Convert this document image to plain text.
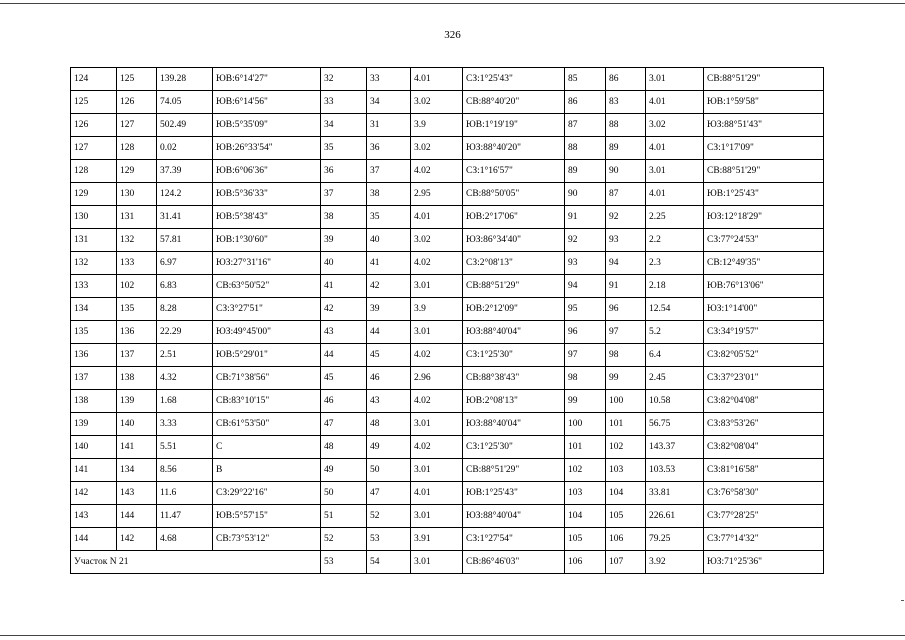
326
124	125	139.28	ЮВ:6°14'27"	32	33	4.01	СЗ:1°25'43"	85	86	3.01	СВ:88°51'29"
125	126	74.05	ЮВ:6°14'56"	33	34	3.02	СВ:88°40'20"	86	83	4.01	ЮВ:1°59'58"
126	127	502.49	ЮВ:5°35'09"	34	31	3.9	ЮВ:1°19'19"	87	88	3.02	ЮЗ:88°51'43"
127	128	0.02	ЮВ:26°33'54"	35	36	3.02	ЮЗ:88°40'20"	88	89	4.01	СЗ:1°17'09"
128	129	37.39	ЮВ:6°06'36"	36	37	4.02	СЗ:1°16'57"	89	90	3.01	СВ:88°51'29"
129	130	124.2	ЮВ:5°36'33"	37	38	2.95	СВ:88°50'05"	90	87	4.01	ЮВ:1°25'43"
130	131	31.41	ЮВ:5°38'43"	38	35	4.01	ЮВ:2°17'06"	91	92	2.25	ЮЗ:12°18'29"
131	132	57.81	ЮВ:1°30'60"	39	40	3.02	ЮЗ:86°34'40"	92	93	2.2	СЗ:77°24'53"
132	133	6.97	ЮЗ:27°31'16"	40	41	4.02	СЗ:2°08'13"	93	94	2.3	СВ:12°49'35"
133	102	6.83	СВ:63°50'52"	41	42	3.01	СВ:88°51'29"	94	91	2.18	ЮВ:76°13'06"
134	135	8.28	СЗ:3°27'51"	42	39	3.9	ЮВ:2°12'09"	95	96	12.54	ЮЗ:1°14'00"
135	136	22.29	ЮЗ:49°45'00"	43	44	3.01	ЮЗ:88°40'04"	96	97	5.2	СЗ:34°19'57"
136	137	2.51	ЮВ:5°29'01"	44	45	4.02	СЗ:1°25'30"	97	98	6.4	СЗ:82°05'52"
137	138	4.32	СВ:71°38'56"	45	46	2.96	СВ:88°38'43"	98	99	2.45	СЗ:37°23'01"
138	139	1.68	СВ:83°10'15"	46	43	4.02	ЮВ:2°08'13"	99	100	10.58	СЗ:82°04'08"
139	140	3.33	СВ:61°53'50"	47	48	3.01	ЮЗ:88°40'04"	100	101	56.75	СЗ:83°53'26"
140	141	5.51	С	48	49	4.02	СЗ:1°25'30"	101	102	143.37	СЗ:82°08'04"
141	134	8.56	В	49	50	3.01	СВ:88°51'29"	102	103	103.53	СЗ:81°16'58"
142	143	11.6	СЗ:29°22'16"	50	47	4.01	ЮВ:1°25'43"	103	104	33.81	СЗ:76°58'30"
143	144	11.47	ЮВ:5°57'15"	51	52	3.01	ЮЗ:88°40'04"	104	105	226.61	СЗ:77°28'25"
144	142	4.68	СВ:73°53'12"	52	53	3.91	СЗ:1°27'54"	105	106	79.25	СЗ:77°14'32"
Участок N 21				53	54	3.01	СВ:86°46'03"	106	107	3.92	ЮЗ:71°25'36"
